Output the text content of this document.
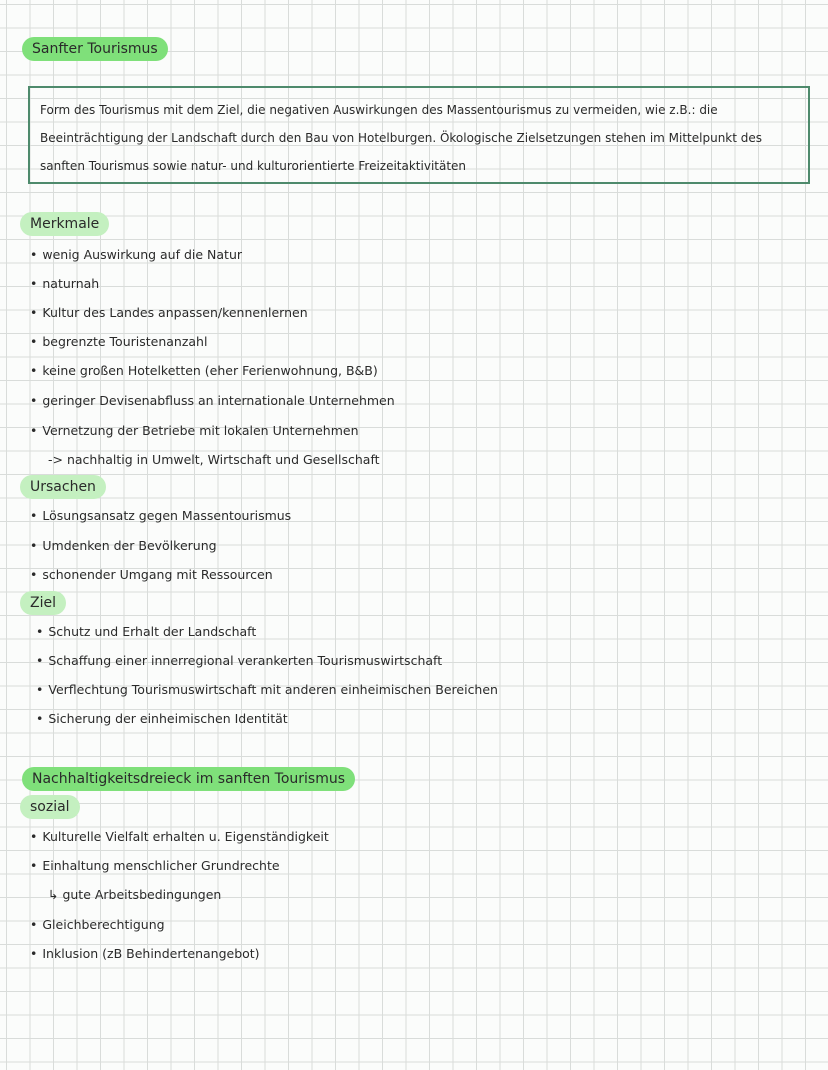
Sanfter Tourismus
Form des Tourismus mit dem Ziel, die negativen Auswirkungen des Massentourismus zu vermeiden, wie z.B.: die Beeinträchtigung der Landschaft durch den Bau von Hotelburgen. Ökologische Zielsetzungen stehen im Mittelpunkt des sanften Tourismus sowie natur- und kulturorientierte Freizeitaktivitäten
Merkmale
• wenig Auswirkung auf die Natur
• naturnah
• Kultur des Landes anpassen/kennenlernen
• begrenzte Touristenanzahl
• keine großen Hotelketten (eher Ferienwohnung, B&B)
• geringer Devisenabfluss an internationale Unternehmen
• Vernetzung der Betriebe mit lokalen Unternehmen
-> nachhaltig in Umwelt, Wirtschaft und Gesellschaft
Ursachen
• Lösungsansatz gegen Massentourismus
• Umdenken der Bevölkerung
• schonender Umgang mit Ressourcen
Ziel
• Schutz und Erhalt der Landschaft
• Schaffung einer innerregional verankerten Tourismuswirtschaft
• Verflechtung Tourismuswirtschaft mit anderen einheimischen Bereichen
• Sicherung der einheimischen Identität
Nachhaltigkeitsdreieck im sanften Tourismus
sozial
• Kulturelle Vielfalt erhalten u. Eigenständigkeit
• Einhaltung menschlicher Grundrechte
↳ gute Arbeitsbedingungen
• Gleichberechtigung
• Inklusion (zB Behindertenangebot)
